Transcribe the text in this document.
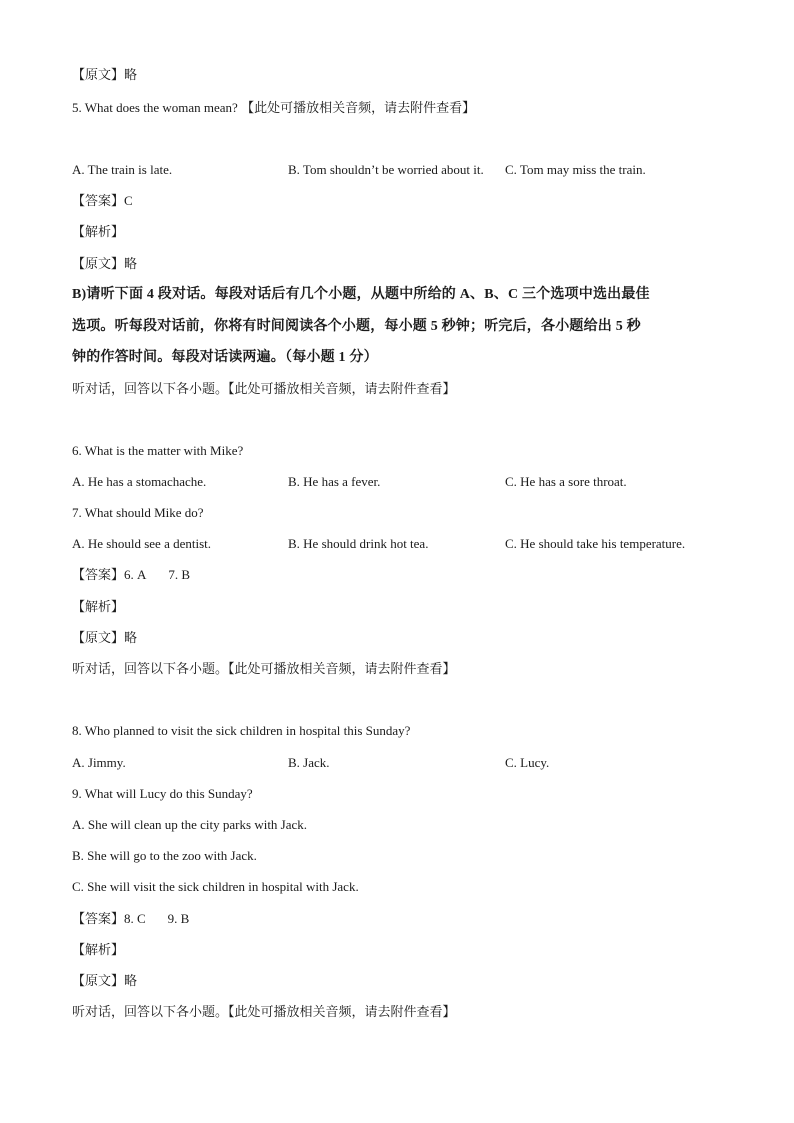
【原文】略
5. What does the woman mean? 【此处可播放相关音频，请去附件查看】
A. The train is late.	B. Tom shouldn’t be worried about it. C. Tom may miss the train.
【答案】C
【解析】
【原文】略
B)请听下面 4 段对话。每段对话后有几个小题，从题中所给的 A、B、C 三个选项中选出最佳
选项。听每段对话前，你将有时间阅读各个小题，每小题 5 秒钟；听完后，各小题给出 5 秒
钟的作答时间。每段对话读两遍。（每小题 1 分）
听对话，回答以下各小题。【此处可播放相关音频，请去附件查看】
6. What is the matter with Mike?
A. He has a stomachache.	B. He has a fever.	C. He has a sore throat.
7. What should Mike do?
A. He should see a dentist.	B. He should drink hot tea.	C. He should take his temperature.
【答案】6. A 7. B
【解析】
【原文】略
听对话，回答以下各小题。【此处可播放相关音频，请去附件查看】
8. Who planned to visit the sick children in hospital this Sunday?
A. Jimmy.	B. Jack.	C. Lucy.
9. What will Lucy do this Sunday?
A. She will clean up the city parks with Jack.
B. She will go to the zoo with Jack.
C. She will visit the sick children in hospital with Jack.
【答案】8. C 9. B
【解析】
【原文】略
听对话，回答以下各小题。【此处可播放相关音频，请去附件查看】
